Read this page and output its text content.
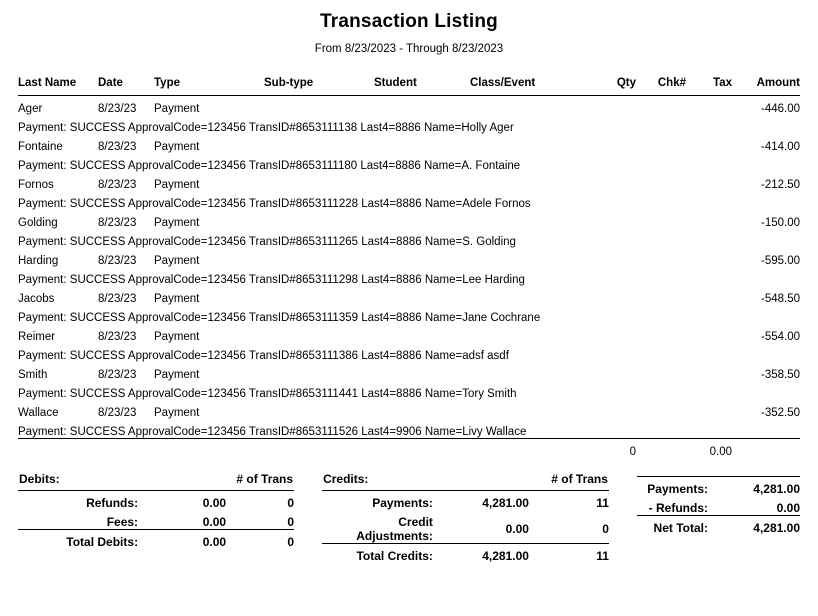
Transaction Listing
From 8/23/2023 - Through 8/23/2023
Last Name	Date	Type	Sub-type	Student	Class/Event	Qty	Chk#	Tax	Amount
Ager	8/23/23	Payment							-446.00
Payment: SUCCESS ApprovalCode=123456 TransID#8653111138 Last4=8886 Name=Holly Ager									
Fontaine	8/23/23	Payment							-414.00
Payment: SUCCESS ApprovalCode=123456 TransID#8653111180 Last4=8886 Name=A. Fontaine									
Fornos	8/23/23	Payment							-212.50
Payment: SUCCESS ApprovalCode=123456 TransID#8653111228 Last4=8886 Name=Adele Fornos									
Golding	8/23/23	Payment							-150.00
Payment: SUCCESS ApprovalCode=123456 TransID#8653111265 Last4=8886 Name=S. Golding									
Harding	8/23/23	Payment							-595.00
Payment: SUCCESS ApprovalCode=123456 TransID#8653111298 Last4=8886 Name=Lee Harding									
Jacobs	8/23/23	Payment							-548.50
Payment: SUCCESS ApprovalCode=123456 TransID#8653111359 Last4=8886 Name=Jane Cochrane									
Reimer	8/23/23	Payment							-554.00
Payment: SUCCESS ApprovalCode=123456 TransID#8653111386 Last4=8886 Name=adsf asdf									
Smith	8/23/23	Payment							-358.50
Payment: SUCCESS ApprovalCode=123456 TransID#8653111441 Last4=8886 Name=Tory Smith									
Wallace	8/23/23	Payment							-352.50
Payment: SUCCESS ApprovalCode=123456 TransID#8653111526 Last4=9906 Name=Livy Wallace									
						0		0.00	
Debits:		# of Trans
Refunds:	0.00	0
Fees:	0.00	0
Total Debits:	0.00	0
Credits:		# of Trans
Payments:	4,281.00	11
Credit Adjustments:	0.00	0
Total Credits:	4,281.00	11

Payments:	4,281.00
- Refunds:	0.00
Net Total:	4,281.00
